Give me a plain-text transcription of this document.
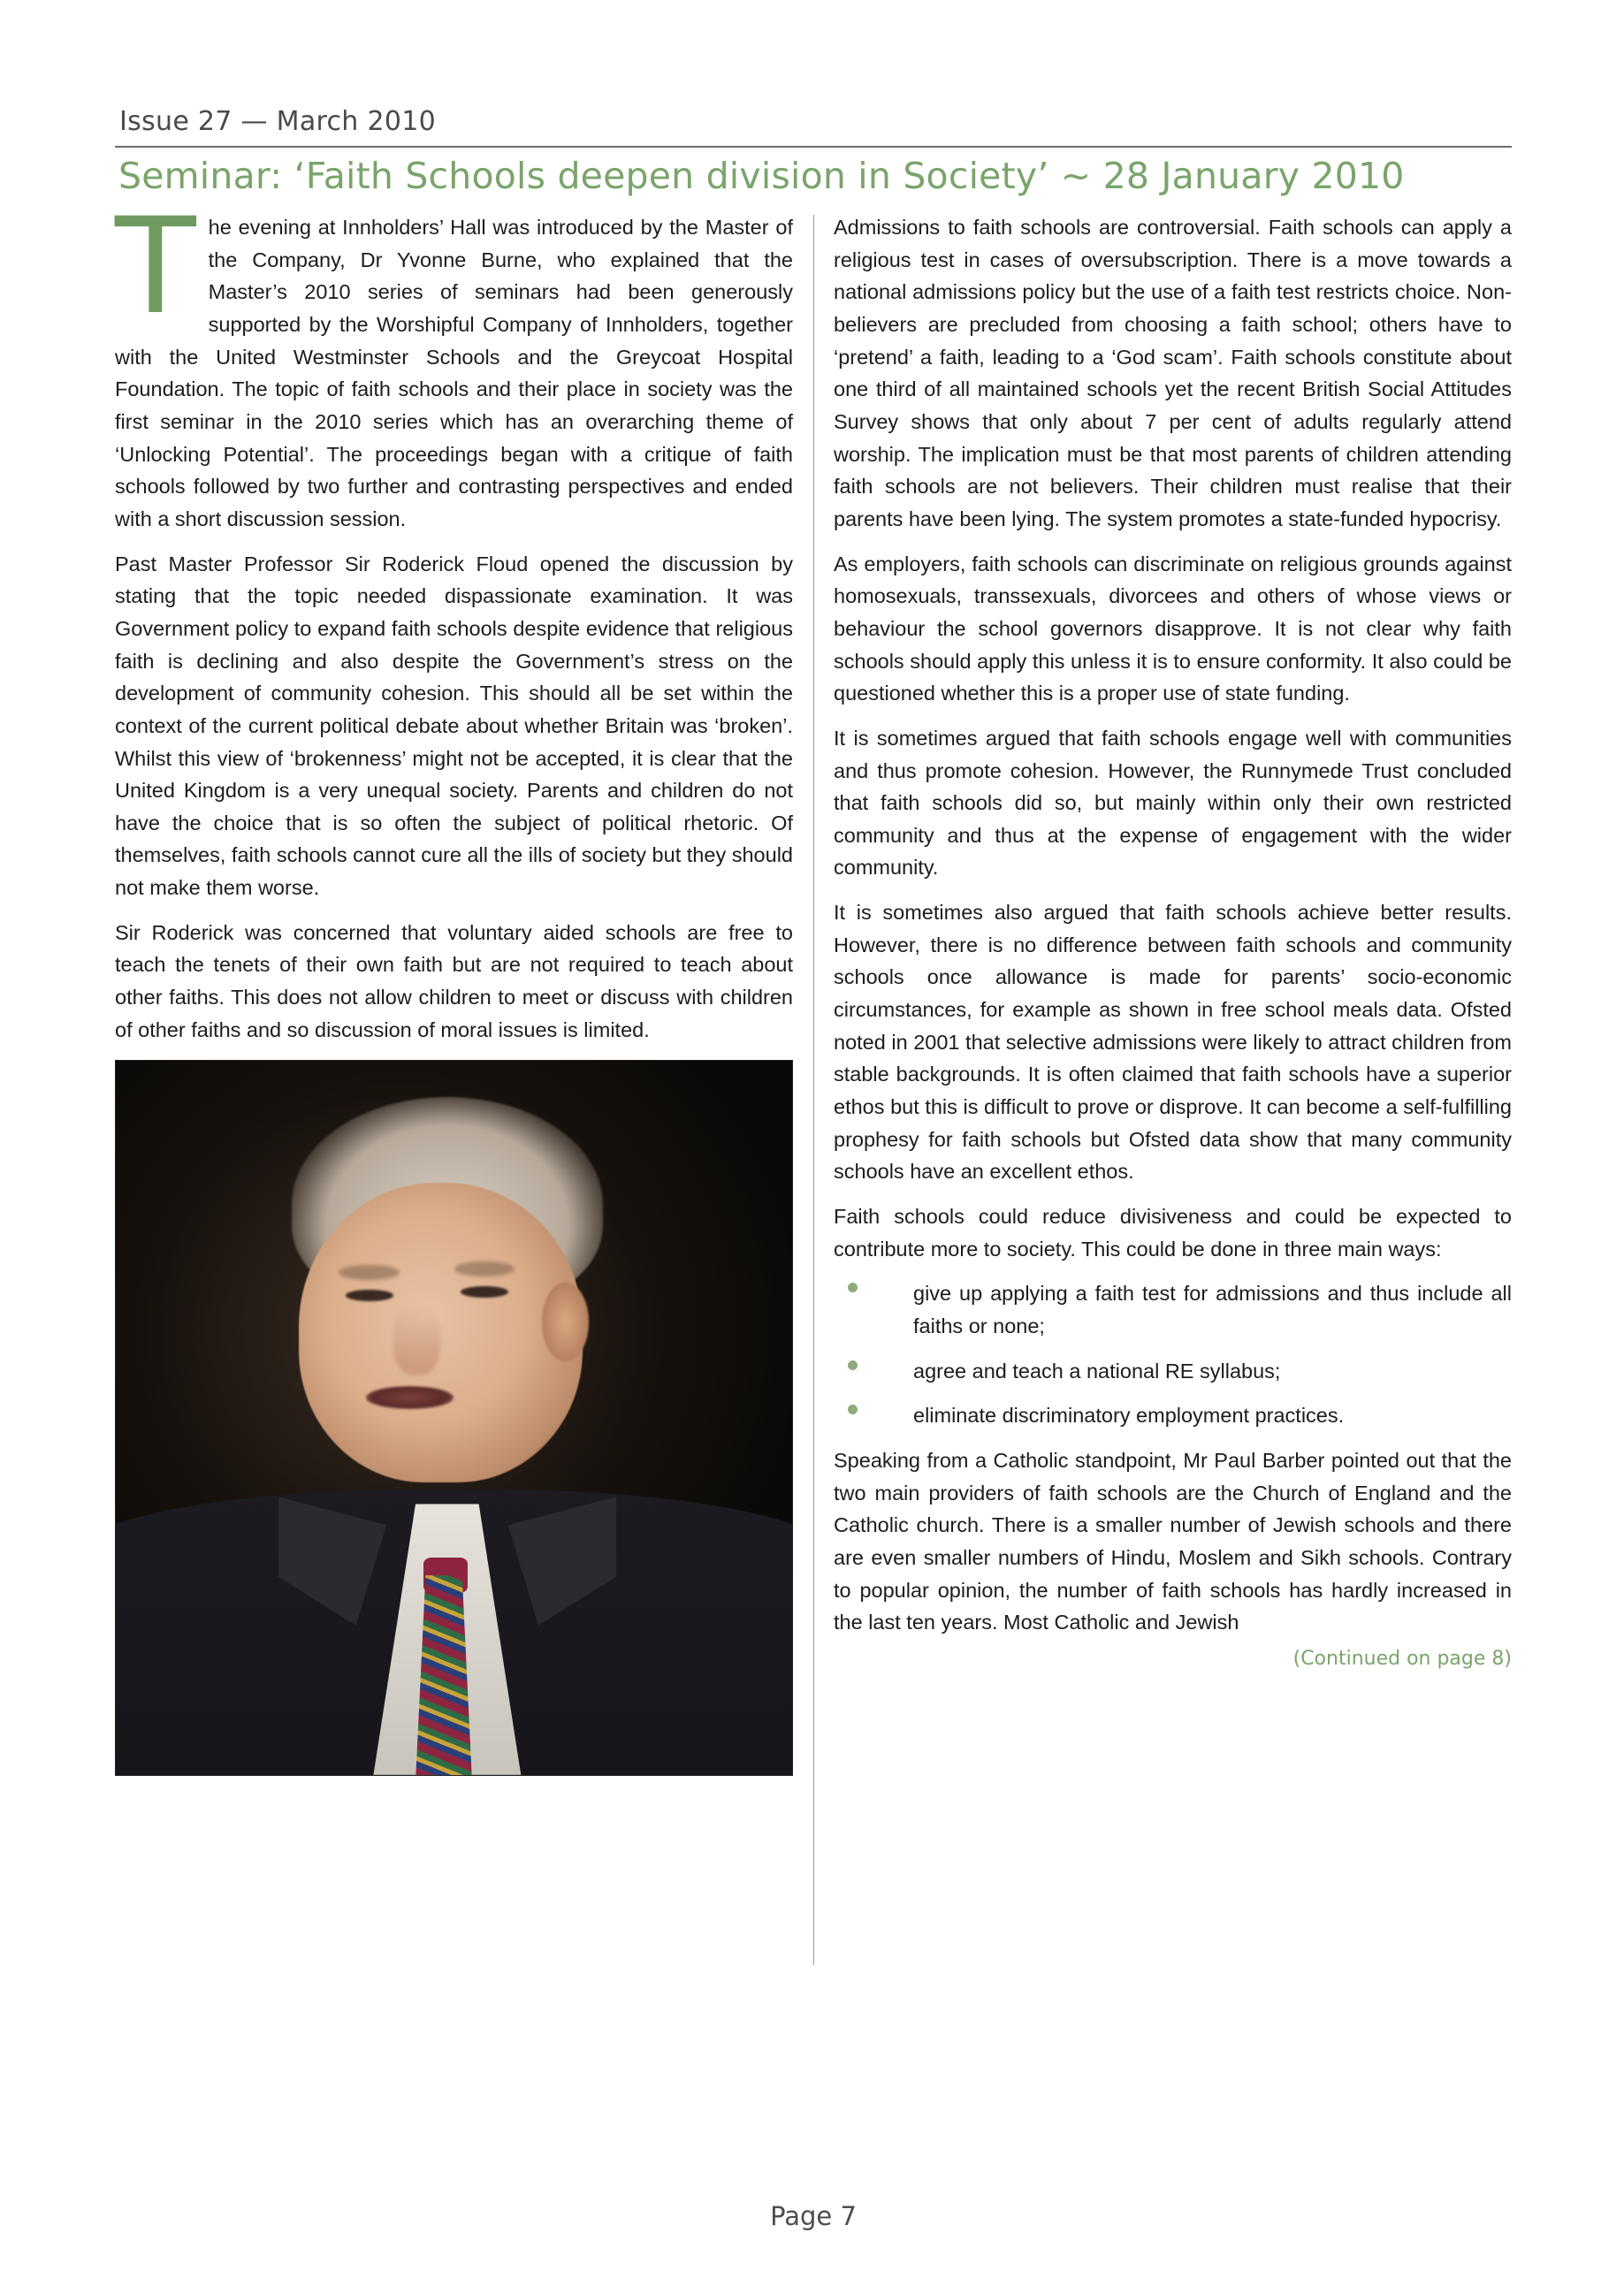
Issue 27 — March 2010
Seminar: ‘Faith Schools deepen division in Society’ ~ 28 January 2010

The evening at Innholders’ Hall was introduced by the Master of the Company, Dr Yvonne Burne, who explained that the Master’s 2010 series of seminars had been generously supported by the Worshipful Company of Innholders, together with the United Westminster Schools and the Greycoat Hospital Foundation. The topic of faith schools and their place in society was the first seminar in the 2010 series which has an overarching theme of ‘Unlocking Potential’. The proceedings began with a critique of faith schools followed by two further and contrasting perspectives and ended with a short discussion session.

Past Master Professor Sir Roderick Floud opened the discussion by stating that the topic needed dispassionate examination. It was Government policy to expand faith schools despite evidence that religious faith is declining and also despite the Government’s stress on the development of community cohesion. This should all be set within the context of the current political debate about whether Britain was ‘broken’. Whilst this view of ‘brokenness’ might not be accepted, it is clear that the United Kingdom is a very unequal society. Parents and children do not have the choice that is so often the subject of political rhetoric. Of themselves, faith schools cannot cure all the ills of society but they should not make them worse.

Sir Roderick was concerned that voluntary aided schools are free to teach the tenets of their own faith but are not required to teach about other faiths. This does not allow children to meet or discuss with children of other faiths and so discussion of moral issues is limited.

Admissions to faith schools are controversial. Faith schools can apply a religious test in cases of oversubscription. There is a move towards a national admissions policy but the use of a faith test restricts choice. Non-believers are precluded from choosing a faith school; others have to ‘pretend’ a faith, leading to a ‘God scam’. Faith schools constitute about one third of all maintained schools yet the recent British Social Attitudes Survey shows that only about 7 per cent of adults regularly attend worship. The implication must be that most parents of children attending faith schools are not believers. Their children must realise that their parents have been lying. The system promotes a state-funded hypocrisy.

As employers, faith schools can discriminate on religious grounds against homosexuals, transsexuals, divorcees and others of whose views or behaviour the school governors disapprove. It is not clear why faith schools should apply this unless it is to ensure conformity. It also could be questioned whether this is a proper use of state funding.

It is sometimes argued that faith schools engage well with communities and thus promote cohesion. However, the Runnymede Trust concluded that faith schools did so, but mainly within only their own restricted community and thus at the expense of engagement with the wider community.

It is sometimes also argued that faith schools achieve better results. However, there is no difference between faith schools and community schools once allowance is made for parents’ socio-economic circumstances, for example as shown in free school meals data. Ofsted noted in 2001 that selective admissions were likely to attract children from stable backgrounds. It is often claimed that faith schools have a superior ethos but this is difficult to prove or disprove. It can become a self-fulfilling prophesy for faith schools but Ofsted data show that many community schools have an excellent ethos.

Faith schools could reduce divisiveness and could be expected to contribute more to society. This could be done in three main ways:

give up applying a faith test for admissions and thus include all faiths or none;
agree and teach a national RE syllabus;
eliminate discriminatory employment practices.

Speaking from a Catholic standpoint, Mr Paul Barber pointed out that the two main providers of faith schools are the Church of England and the Catholic church. There is a smaller number of Jewish schools and there are even smaller numbers of Hindu, Moslem and Sikh schools. Contrary to popular opinion, the number of faith schools has hardly increased in the last ten years. Most Catholic and Jewish

(Continued on page 8)
Page 7
